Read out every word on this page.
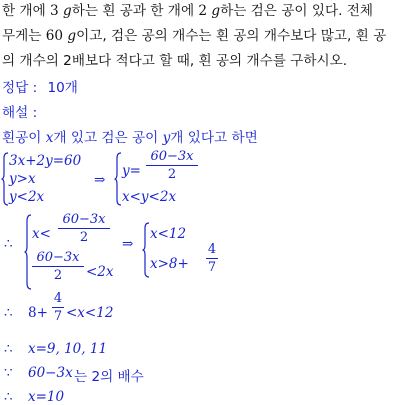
한 개에 3 g하는 흰 공과 한 개에 2 g하는 검은 공이 있다. 전체
무게는 60 g이고, 검은 공의 개수는 흰 공의 개수보다 많고, 흰 공
의 개수의 2배보다 적다고 할 때, 흰 공의 개수를 구하시오.
정답 : 10개
해설 :
흰공이 x개 있고 검은 공이 y개 있다고 하면
3x+2y=60
y>x
y<2x
⇒
y=
60−3x
2
x<y<2x
∴
x<
60−3x
2
60−3x
2	<2x
⇒
x<12
x>8+
4
7
∴ 8+
4
7 <x<12
∴ x=9, 10, 11
∵ 60−3x 는 2의 배수
∴ x=10
